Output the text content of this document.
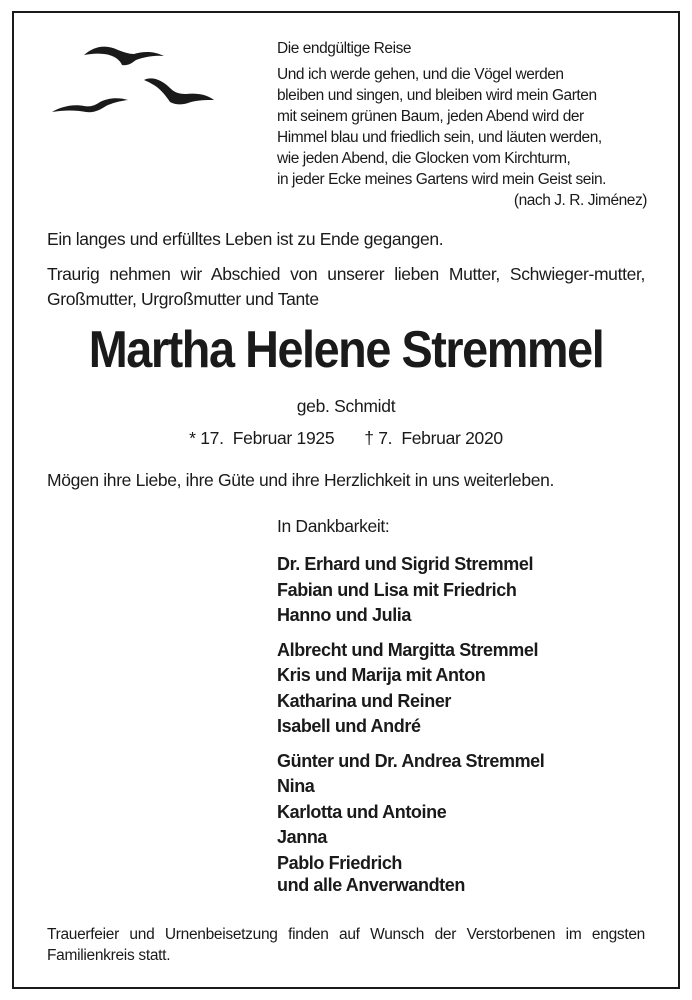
Die endgültige Reise
Und ich werde gehen, und die Vögel werden
bleiben und singen, und bleiben wird mein Garten
mit seinem grünen Baum, jeden Abend wird der
Himmel blau und friedlich sein, und läuten werden,
wie jeden Abend, die Glocken vom Kirchturm,
in jeder Ecke meines Gartens wird mein Geist sein.
(nach J. R. Jiménez)
Ein langes und erfülltes Leben ist zu Ende gegangen.
Traurig nehmen wir Abschied von unserer lieben Mutter, Schwieger-mutter, Großmutter, Urgroßmutter und Tante
Martha Helene Stremmel
geb. Schmidt
* 17.  Februar 1925 † 7.  Februar 2020
Mögen ihre Liebe, ihre Güte und ihre Herzlichkeit in uns weiterleben.
In Dankbarkeit:
Dr. Erhard und Sigrid Stremmel
Fabian und Lisa mit Friedrich
Hanno und Julia
Albrecht und Margitta Stremmel
Kris und Marija mit Anton
Katharina und Reiner
Isabell und André
Günter und Dr. Andrea Stremmel
Nina
Karlotta und Antoine
Janna
Pablo Friedrich
und alle Anverwandten
Trauerfeier und Urnenbeisetzung finden auf Wunsch der Verstorbenen im engsten Familienkreis statt.
